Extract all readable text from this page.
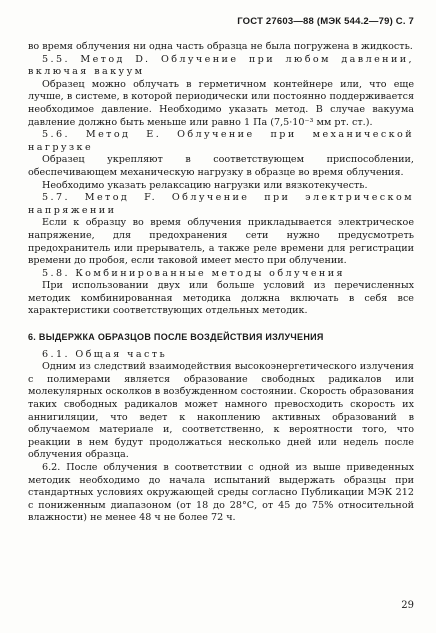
ГОСТ 27603—88 (МЭК 544.2—79) С. 7

во время облучения ни одна часть образца не была погружена в жидкость.

5.5. Метод D. Облучение при любом давлении, включая вакуум

Образец можно облучать в герметичном контейнере или, что еще лучше, в системе, в которой периодически или постоянно поддерживается необходимое давление. Необходимо указать метод. В случае вакуума давление должно быть меньше или равно 1 Па (7,5·10⁻³ мм рт. ст.).

5.6. Метод E. Облучение при механической нагрузке

Образец укрепляют в соответствующем приспособлении, обеспечивающем механическую нагрузку в образце во время облучения.

Необходимо указать релаксацию нагрузки или вязкотекучесть.

5.7. Метод F. Облучение при электрическом напряжении

Если к образцу во время облучения прикладывается электрическое напряжение, для предохранения сети нужно предусмотреть предохранитель или прерыватель, а также реле времени для регистрации времени до пробоя, если таковой имеет место при облучении.

5.8. Комбинированные методы облучения

При использовании двух или больше условий из перечисленных методик комбинированная методика должна включать в себя все характеристики соответствующих отдельных методик.

6. ВЫДЕРЖКА ОБРАЗЦОВ ПОСЛЕ ВОЗДЕЙСТВИЯ ИЗЛУЧЕНИЯ

6.1. Общая часть

Одним из следствий взаимодействия высокоэнергетического излучения с полимерами является образование свободных радикалов или молекулярных осколков в возбужденном состоянии. Скорость образования таких свободных радикалов может намного превосходить скорость их аннигиляции, что ведет к накоплению активных образований в облучаемом материале и, соответственно, к вероятности того, что реакции в нем будут продолжаться несколько дней или недель после облучения образца.

6.2. После облучения в соответствии с одной из выше приведенных методик необходимо до начала испытаний выдержать образцы при стандартных условиях окружающей среды согласно Публикации МЭК 212 с пониженным диапазоном (от 18 до 28°С, от 45 до 75% относительной влажности) не менее 48 ч не более 72 ч.

29
